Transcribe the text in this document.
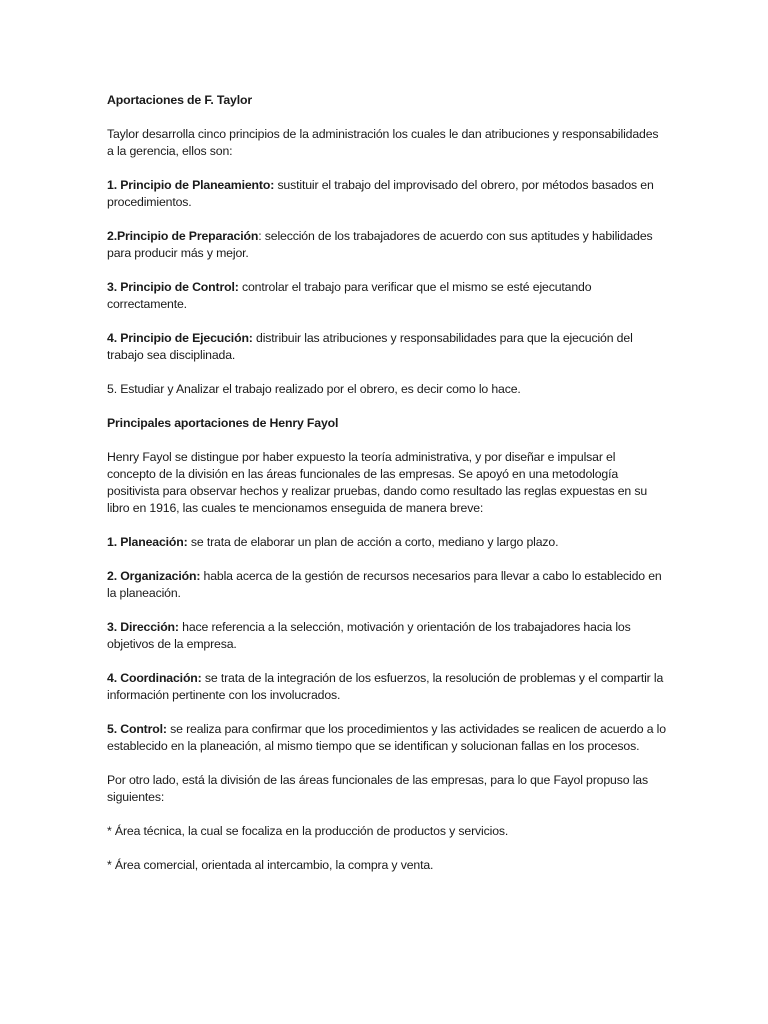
Aportaciones de F. Taylor

Taylor desarrolla cinco principios de la administración los cuales le dan atribuciones y responsabilidades a la gerencia, ellos son:

1. Principio de Planeamiento: sustituir el trabajo del improvisado del obrero, por métodos basados en procedimientos.

2.Principio de Preparación: selección de los trabajadores de acuerdo con sus aptitudes y habilidades para producir más y mejor.

3. Principio de Control: controlar el trabajo para verificar que el mismo se esté ejecutando correctamente.

4. Principio de Ejecución: distribuir las atribuciones y responsabilidades para que la ejecución del trabajo sea disciplinada.

5. Estudiar y Analizar el trabajo realizado por el obrero, es decir como lo hace.

Principales aportaciones de Henry Fayol

Henry Fayol se distingue por haber expuesto la teoría administrativa, y por diseñar e impulsar el concepto de la división en las áreas funcionales de las empresas. Se apoyó en una metodología positivista para observar hechos y realizar pruebas, dando como resultado las reglas expuestas en su libro en 1916, las cuales te mencionamos enseguida de manera breve:

1. Planeación: se trata de elaborar un plan de acción a corto, mediano y largo plazo.

2. Organización: habla acerca de la gestión de recursos necesarios para llevar a cabo lo establecido en la planeación.

3. Dirección: hace referencia a la selección, motivación y orientación de los trabajadores hacia los objetivos de la empresa.

4. Coordinación: se trata de la integración de los esfuerzos, la resolución de problemas y el compartir la información pertinente con los involucrados.

5. Control: se realiza para confirmar que los procedimientos y las actividades se realicen de acuerdo a lo establecido en la planeación, al mismo tiempo que se identifican y solucionan fallas en los procesos.

Por otro lado, está la división de las áreas funcionales de las empresas, para lo que Fayol propuso las siguientes:

* Área técnica, la cual se focaliza en la producción de productos y servicios.

* Área comercial, orientada al intercambio, la compra y venta.
